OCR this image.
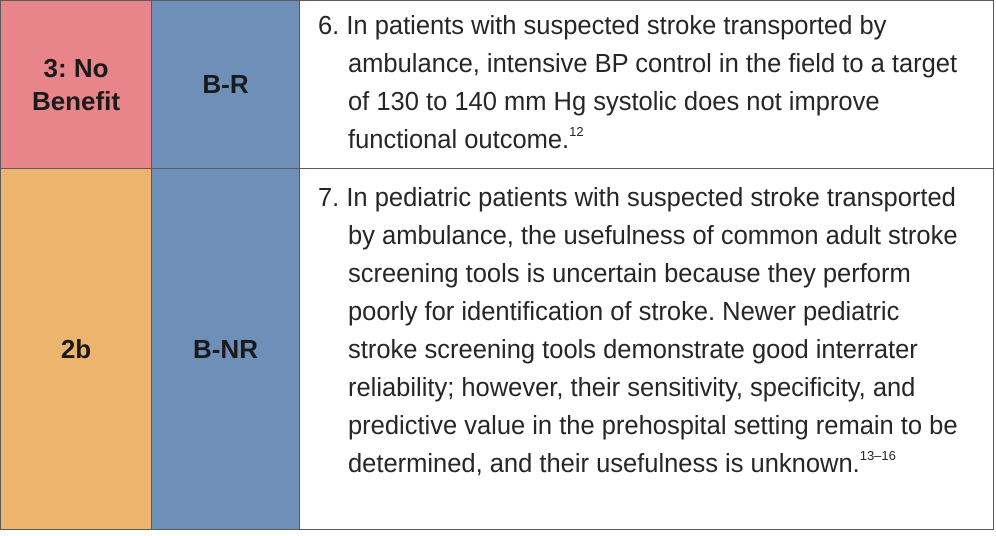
3: No Benefit
B-R
6. In patients with suspected stroke transported by ambulance, intensive BP control in the field to a target of 130 to 140 mm Hg systolic does not improve functional outcome.$^{12}$
2b	B-NR
7. In pediatric patients with suspected stroke transported by ambulance, the usefulness of common adult stroke screening tools is uncertain because they perform poorly for identification of stroke. Newer pediatric stroke screening tools demonstrate good interrater reliability; however, their sensitivity, specificity, and predictive value in the prehospital setting remain to be determined, and their usefulness is unknown.$^{13-16}$
